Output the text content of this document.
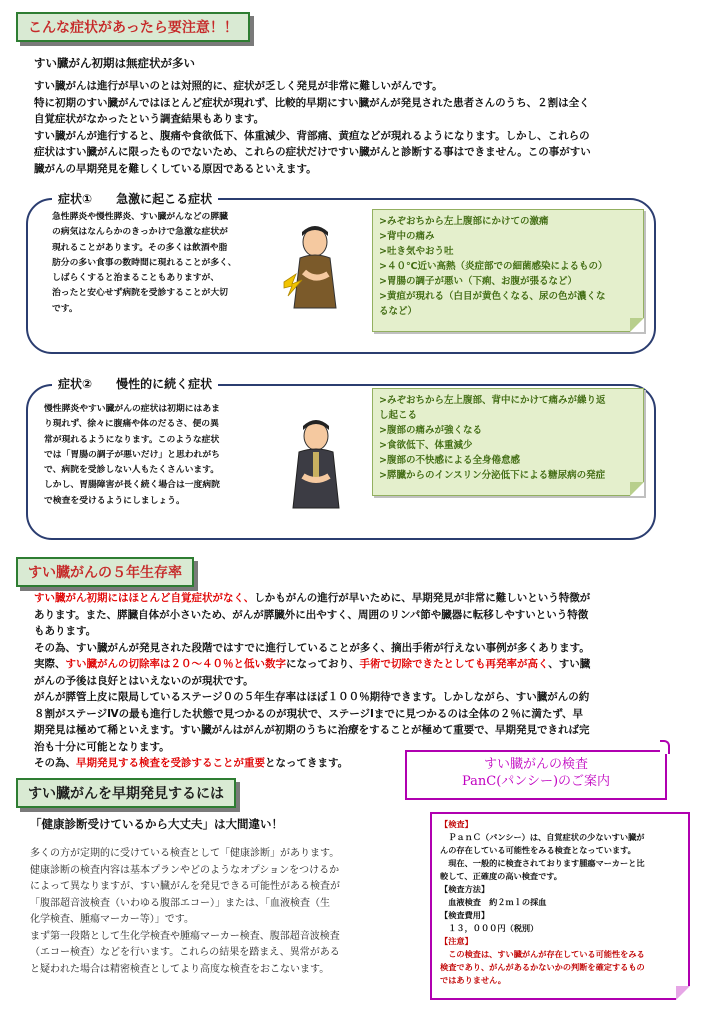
こんな症状があったら要注意！！
すい臓がん初期は無症状が多い

すい臓がんは進行が早いのとは対照的に、症状が乏しく発見が非常に難しいがんです。

特に初期のすい臓がんではほとんど症状が現れず、比較的早期にすい臓がんが発見された患者さんのうち、２割は全く

自覚症状がなかったという調査結果もあります。

すい臓がんが進行すると、腹痛や食欲低下、体重減少、背部痛、黄疸などが現れるようになります。しかし、これらの

症状はすい臓がんに限ったものでないため、これらの症状だけですい臓がんと診断する事はできません。この事がすい

臓がんの早期発見を難しくしている原因であるといえます。

症状①　　急激に起こる症状
急性膵炎や慢性膵炎、すい臓がんなどの膵臓
の病気はなんらかのきっかけで急激な症状が
現れることがあります。その多くは飲酒や脂
肪分の多い食事の数時間に現れることが多く、
しばらくすると治まることもありますが、
治ったと安心せず病院を受診することが大切
です。
>みぞおちから左上腹部にかけての激痛
>背中の痛み
>吐き気やおう吐
>４０℃近い高熱（炎症部での細菌感染によるもの）
>胃腸の調子が悪い（下痢、お腹が張るなど）
>黄疸が現れる（白目が黄色くなる、尿の色が濃くな
るなど）
症状②　　慢性的に続く症状
慢性膵炎やすい臓がんの症状は初期にはあま
り現れず、徐々に腹痛や体のだるさ、便の異
常が現れるようになります。このような症状
では「胃腸の調子が悪いだけ」と思われがち
で、病院を受診しない人もたくさんいます。
しかし、胃腸障害が長く続く場合は一度病院
で検査を受けるようにしましょう。
>みぞおちから左上腹部、背中にかけて痛みが繰り返
し起こる
>腹部の痛みが強くなる
>食欲低下、体重減少
>腹部の不快感による全身倦怠感
>膵臓からのインスリン分泌低下による糖尿病の発症
すい臓がんの５年生存率

すい臓がん初期にはほとんど自覚症状がなく、しかもがんの進行が早いために、早期発見が非常に難しいという特徴が

あります。また、膵臓自体が小さいため、がんが膵臓外に出やすく、周囲のリンパ節や臓器に転移しやすいという特徴

もあります。

その為、すい臓がんが発見された段階ではすでに進行していることが多く、摘出手術が行えない事例が多くあります。

実際、すい臓がんの切除率は２０～４０％と低い数字になっており、手術で切除できたとしても再発率が高く、すい臓

がんの予後は良好とはいえないのが現状です。

がんが膵管上皮に限局しているステージ０の５年生存率はほぼ１００％期待できます。しかしながら、すい臓がんの約

８割がステージⅣの最も進行した状態で見つかるのが現状で、ステージⅠまでに見つかるのは全体の２％に満たず、早

期発見は極めて稀といえます。すい臓がんはがんが初期のうちに治療をすることが極めて重要で、早期発見できれば完

治も十分に可能となります。

その為、早期発見する検査を受診することが重要となってきます。

すい臓がんを早期発見するには
「健康診断受けているから大丈夫」は大間違い！
多くの方が定期的に受けている検査として「健康診断」があります。
健康診断の検査内容は基本プランやどのようなオプションをつけるか
によって異なりますが、すい臓がんを発見できる可能性がある検査が
「腹部超音波検査（いわゆる腹部エコー）」または、「血液検査（生
化学検査、腫瘍マーカー等）」です。
まず第一段階として生化学検査や腫瘍マーカー検査、腹部超音波検査
（エコー検査）などを行います。これらの結果を踏まえ、異常がある
と疑われた場合は精密検査としてより高度な検査をおこないます。
すい臓がんの検査
PanC(パンシー)のご案内
【検査】
　ＰａｎＣ（パンシー）は、自覚症状の少ないすい臓が
んの存在している可能性をみる検査となっています。
　現在、一般的に検査されております腫瘍マーカーと比
較して、正確度の高い検査です。
【検査方法】
　血液検査　約２ｍｌの採血
【検査費用】
　１３，０００円（税別）
【注意】
　この検査は、すい臓がんが存在している可能性をみる
検査であり、がんがあるかないかの判断を確定するもの
ではありません。
